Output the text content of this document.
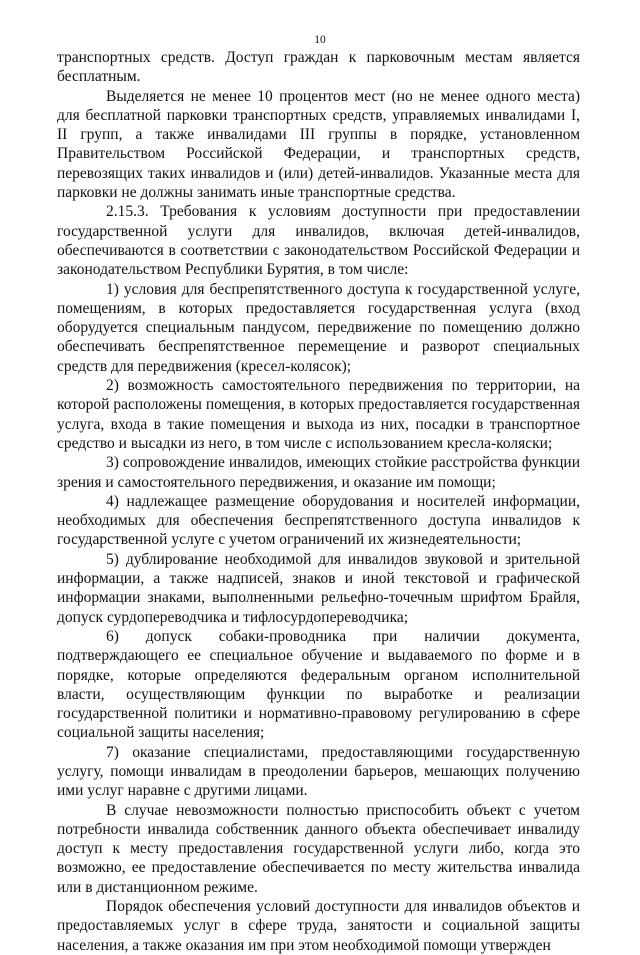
10

транспортных средств. Доступ граждан к парковочным местам является бесплатным.

Выделяется не менее 10 процентов мест (но не менее одного места) для бесплатной парковки транспортных средств, управляемых инвалидами I, II групп, а также инвалидами III группы в порядке, установленном Правительством Российской Федерации, и транспортных средств, перевозящих таких инвалидов и (или) детей-инвалидов. Указанные места для парковки не должны занимать иные транспортные средства.

2.15.3. Требования к условиям доступности при предоставлении государственной услуги для инвалидов, включая детей-инвалидов, обеспечиваются в соответствии с законодательством Российской Федерации и законодательством Республики Бурятия, в том числе:

1) условия для беспрепятственного доступа к государственной услуге, помещениям, в которых предоставляется государственная услуга (вход оборудуется специальным пандусом, передвижение по помещению должно обеспечивать беспрепятственное перемещение и разворот специальных средств для передвижения (кресел-колясок);

2) возможность самостоятельного передвижения по территории, на которой расположены помещения, в которых предоставляется государственная услуга, входа в такие помещения и выхода из них, посадки в транспортное средство и высадки из него, в том числе с использованием кресла-коляски;

3) сопровождение инвалидов, имеющих стойкие расстройства функции зрения и самостоятельного передвижения, и оказание им помощи;

4) надлежащее размещение оборудования и носителей информации, необходимых для обеспечения беспрепятственного доступа инвалидов к государственной услуге с учетом ограничений их жизнедеятельности;

5) дублирование необходимой для инвалидов звуковой и зрительной информации, а также надписей, знаков и иной текстовой и графической информации знаками, выполненными рельефно-точечным шрифтом Брайля, допуск сурдопереводчика и тифлосурдопереводчика;

6) допуск собаки-проводника при наличии документа, подтверждающего ее специальное обучение и выдаваемого по форме и в порядке, которые определяются федеральным органом исполнительной власти, осуществляющим функции по выработке и реализации государственной политики и нормативно-правовому регулированию в сфере социальной защиты населения;

7) оказание специалистами, предоставляющими государственную услугу, помощи инвалидам в преодолении барьеров, мешающих получению ими услуг наравне с другими лицами.

В случае невозможности полностью приспособить объект с учетом потребности инвалида собственник данного объекта обеспечивает инвалиду доступ к месту предоставления государственной услуги либо, когда это возможно, ее предоставление обеспечивается по месту жительства инвалида или в дистанционном режиме.

Порядок обеспечения условий доступности для инвалидов объектов и предоставляемых услуг в сфере труда, занятости и социальной защиты населения, а также оказания им при этом необходимой помощи утвержден
